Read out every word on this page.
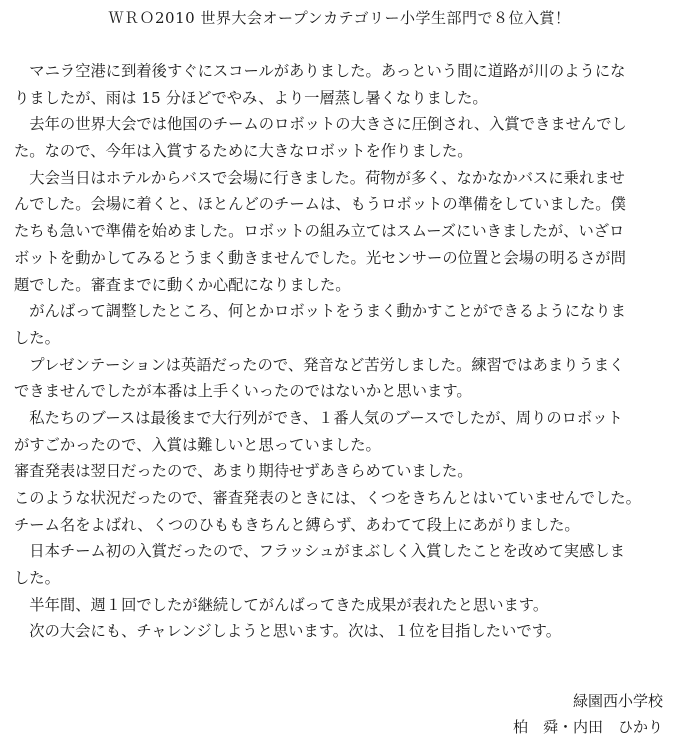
ＷＲＯ2010 世界大会オープンカテゴリー小学生部門で８位入賞！
　マニラ空港に到着後すぐにスコールがありました。あっという間に道路が川のようにな
りましたが、雨は 15 分ほどでやみ、より一層蒸し暑くなりました。
　去年の世界大会では他国のチームのロボットの大きさに圧倒され、入賞できませんでし
た。なので、今年は入賞するために大きなロボットを作りました。
　大会当日はホテルからバスで会場に行きました。荷物が多く、なかなかバスに乗れませ
んでした。会場に着くと、ほとんどのチームは、もうロボットの準備をしていました。僕
たちも急いで準備を始めました。ロボットの組み立てはスムーズにいきましたが、いざロ
ボットを動かしてみるとうまく動きませんでした。光センサーの位置と会場の明るさが問
題でした。審査までに動くか心配になりました。
　がんばって調整したところ、何とかロボットをうまく動かすことができるようになりま
した。
　プレゼンテーションは英語だったので、発音など苦労しました。練習ではあまりうまく
できませんでしたが本番は上手くいったのではないかと思います。
　私たちのブースは最後まで大行列ができ、１番人気のブースでしたが、周りのロボット
がすごかったので、入賞は難しいと思っていました。
審査発表は翌日だったので、あまり期待せずあきらめていました。
このような状況だったので、審査発表のときには、くつをきちんとはいていませんでした。
チーム名をよばれ、くつのひももきちんと縛らず、あわてて段上にあがりました。
　日本チーム初の入賞だったので、フラッシュがまぶしく入賞したことを改めて実感しま
した。
　半年間、週１回でしたが継続してがんばってきた成果が表れたと思います。
　次の大会にも、チャレンジしようと思います。次は、１位を目指したいです。
緑園西小学校
柏　舜・内田　ひかり
